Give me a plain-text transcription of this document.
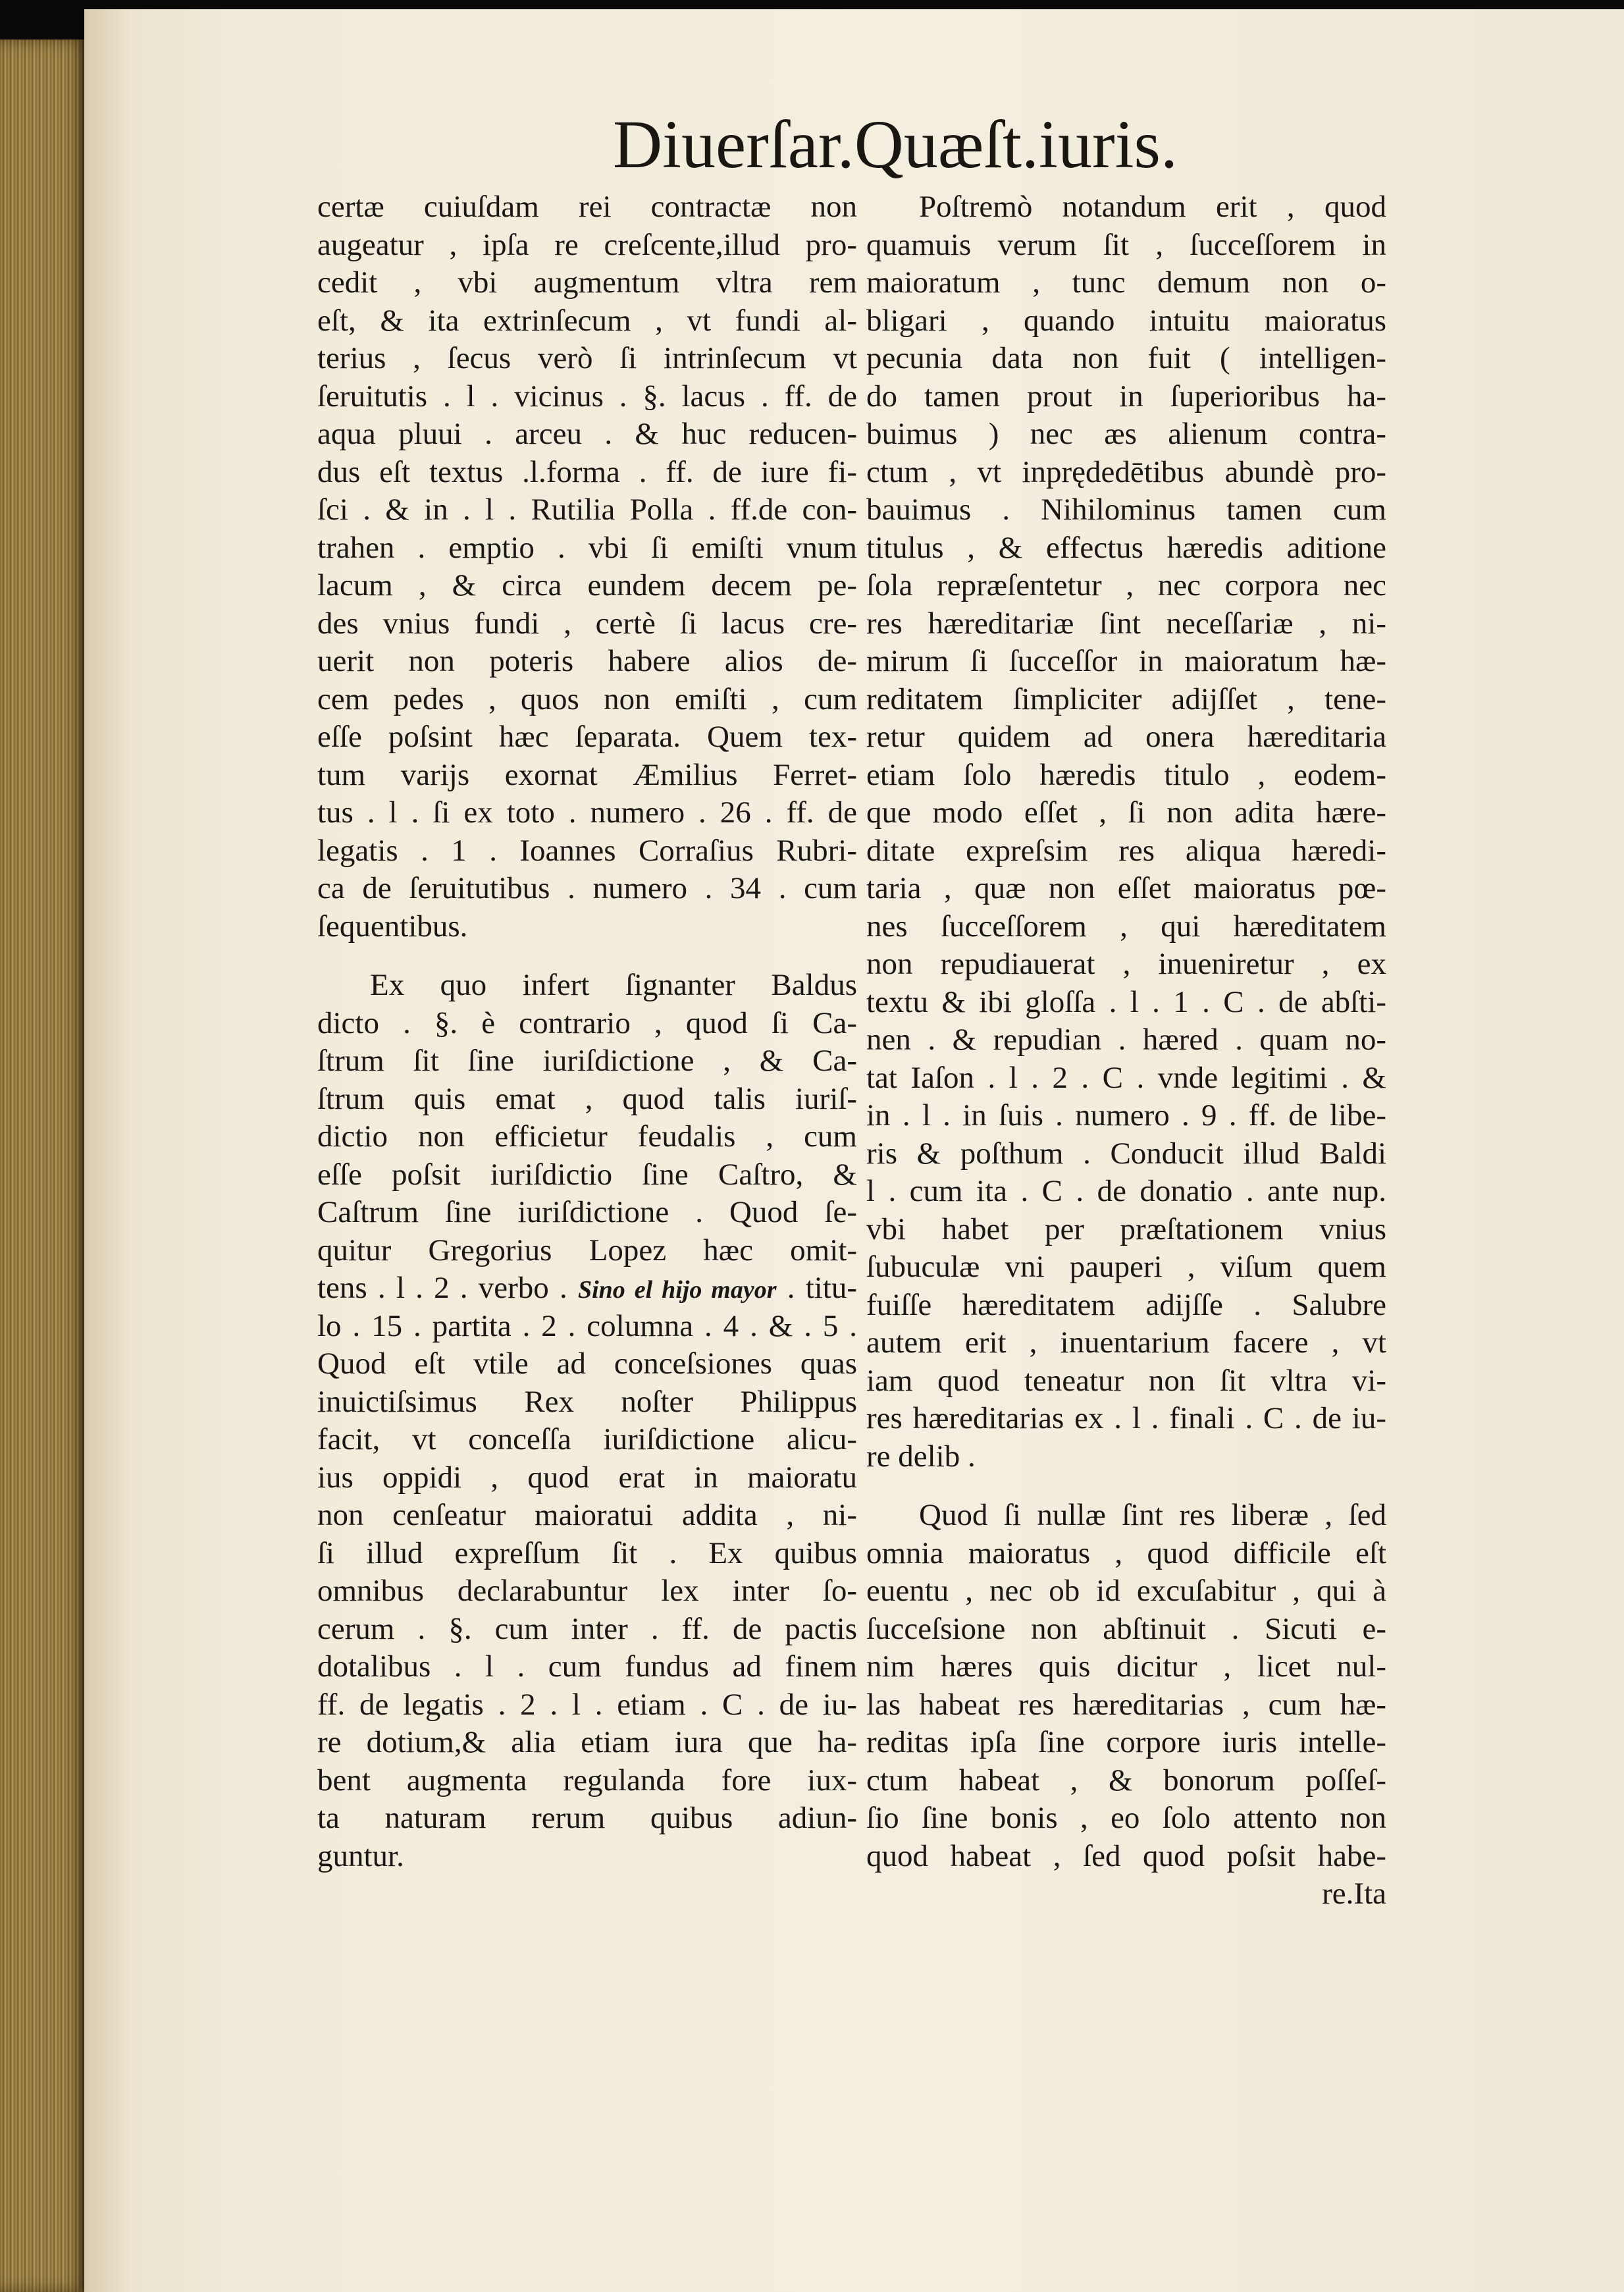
Diuerſar.Quæſt.iuris.
certæ cuiuſdam rei contractæ non
augeatur , ipſa re creſcente,illud pro-
cedit , vbi augmentum vltra rem
eſt, & ita extrinſecum , vt fundi al-
terius , ſecus verò ſi intrinſecum vt
ſeruitutis . l . vicinus . §. lacus . ff. de
aqua pluui . arceu . & huc reducen-
dus eſt textus .l.forma . ff. de iure fi-
ſci . & in . l . Rutilia Polla . ff.de con-
trahen . emptio . vbi ſi emiſti vnum
lacum , & circa eundem decem pe-
des vnius fundi , certè ſi lacus cre-
uerit non poteris habere alios de-
cem pedes , quos non emiſti , cum
eſſe poſsint hæc ſeparata. Quem tex-
tum varijs exornat Æmilius Ferret-
tus . l . ſi ex toto . numero . 26 . ff. de
legatis . 1 . Ioannes Corraſius Rubri-
ca de ſeruitutibus . numero . 34 . cum
ſequentibus.
Ex quo infert ſignanter Baldus
dicto . §. è contrario , quod ſi Ca-
ſtrum ſit ſine iuriſdictione , & Ca-
ſtrum quis emat , quod talis iuriſ-
dictio non efficietur feudalis , cum
eſſe poſsit iuriſdictio ſine Caſtro, &
Caſtrum ſine iuriſdictione . Quod ſe-
quitur Gregorius Lopez hæc omit-
tens . l . 2 . verbo . Sino el hijo mayor . titu-
lo . 15 . partita . 2 . columna . 4 . & . 5 .
Quod eſt vtile ad conceſsiones quas
inuictiſsimus Rex noſter Philippus
facit, vt conceſſa iuriſdictione alicu-
ius oppidi , quod erat in maioratu
non cenſeatur maioratui addita , ni-
ſi illud expreſſum ſit . Ex quibus
omnibus declarabuntur lex inter ſo-
cerum . §. cum inter . ff. de pactis
dotalibus . l . cum fundus ad finem
ff. de legatis . 2 . l . etiam . C . de iu-
re dotium,& alia etiam iura que ha-
bent augmenta regulanda fore iux-
ta naturam rerum quibus adiun-
guntur.
Poſtremò notandum erit , quod
quamuis verum ſit , ſucceſſorem in
maioratum , tunc demum non o-
bligari , quando intuitu maioratus
pecunia data non fuit ( intelligen-
do tamen prout in ſuperioribus ha-
buimus ) nec æs alienum contra-
ctum , vt inprędedētibus abundè pro-
bauimus . Nihilominus tamen cum
titulus , & effectus hæredis aditione
ſola repræſentetur , nec corpora nec
res hæreditariæ ſint neceſſariæ , ni-
mirum ſi ſucceſſor in maioratum hæ-
reditatem ſimpliciter adijſſet , tene-
retur quidem ad onera hæreditaria
etiam ſolo hæredis titulo , eodem-
que modo eſſet , ſi non adita hære-
ditate expreſsim res aliqua hæredi-
taria , quæ non eſſet maioratus pœ-
nes ſucceſſorem , qui hæreditatem
non repudiauerat , inueniretur , ex
textu & ibi gloſſa . l . 1 . C . de abſti-
nen . & repudian . hæred . quam no-
tat Iaſon . l . 2 . C . vnde legitimi . &
in . l . in ſuis . numero . 9 . ff. de libe-
ris & poſthum . Conducit illud Baldi
l . cum ita . C . de donatio . ante nup.
vbi habet per præſtationem vnius
ſubuculæ vni pauperi , viſum quem
fuiſſe hæreditatem adijſſe . Salubre
autem erit , inuentarium facere , vt
iam quod teneatur non ſit vltra vi-
res hæreditarias ex . l . finali . C . de iu-
re delib .
Quod ſi nullæ ſint res liberæ , ſed
omnia maioratus , quod difficile eſt
euentu , nec ob id excuſabitur , qui à
ſucceſsione non abſtinuit . Sicuti e-
nim hæres quis dicitur , licet nul-
las habeat res hæreditarias , cum hæ-
reditas ipſa ſine corpore iuris intelle-
ctum habeat , & bonorum poſſeſ-
ſio ſine bonis , eo ſolo attento non
quod habeat , ſed quod poſsit habe-
re.Ita
